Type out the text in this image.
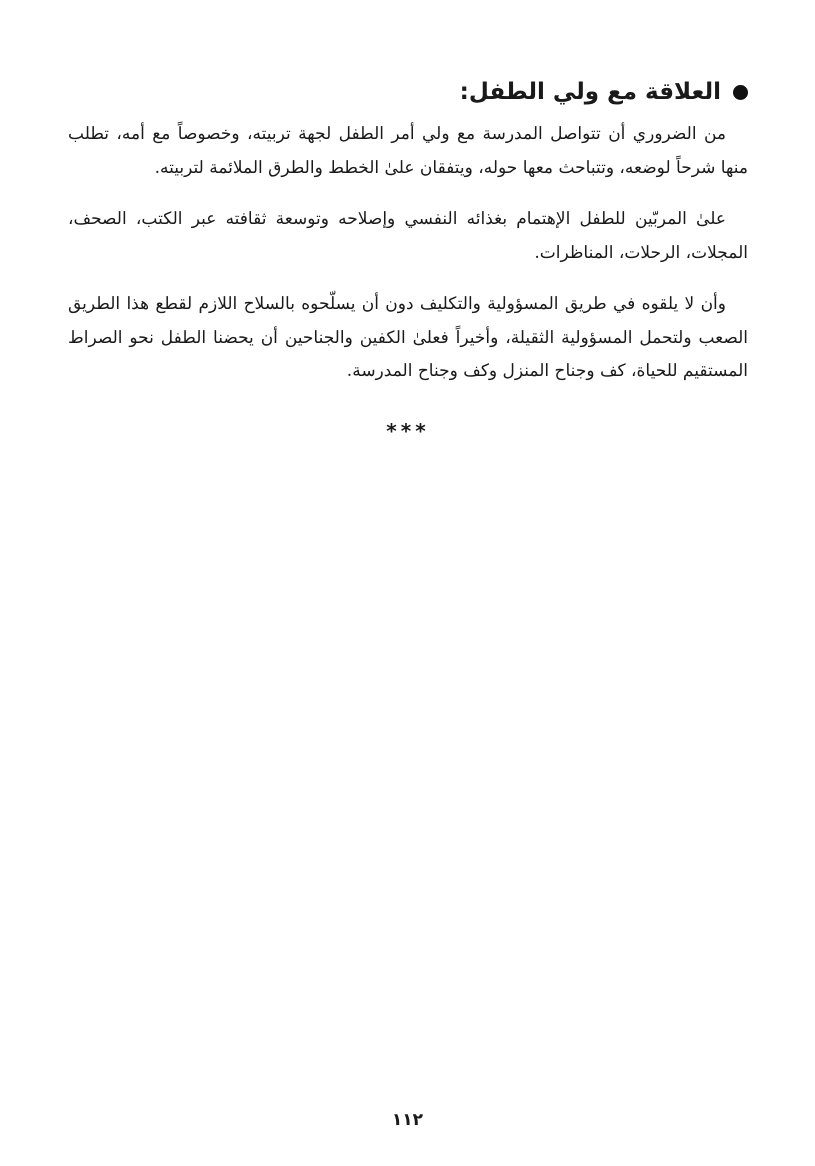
العلاقة مع ولي الطفل:

من الضروري أن تتواصل المدرسة مع ولي أمر الطفل لجهة تربيته، وخصوصاً مع أمه، تطلب منها شرحاً لوضعه، وتتباحث معها حوله، ويتفقان علىٰ الخطط والطرق الملائمة لتربيته.

علىٰ المربّين للطفل الإهتمام بغذائه النفسي وإصلاحه وتوسعة ثقافته عبر الكتب، الصحف، المجلات، الرحلات، المناظرات.

وأن لا يلقوه في طريق المسؤولية والتكليف دون أن يسلّحوه بالسلاح اللازم لقطع هذا الطريق الصعب ولتحمل المسؤولية الثقيلة، وأخيراً فعلىٰ الكفين والجناحين أن يحضنا الطفل نحو الصراط المستقيم للحياة، كف وجناح المنزل وكف وجناح المدرسة.

***
١١٢
